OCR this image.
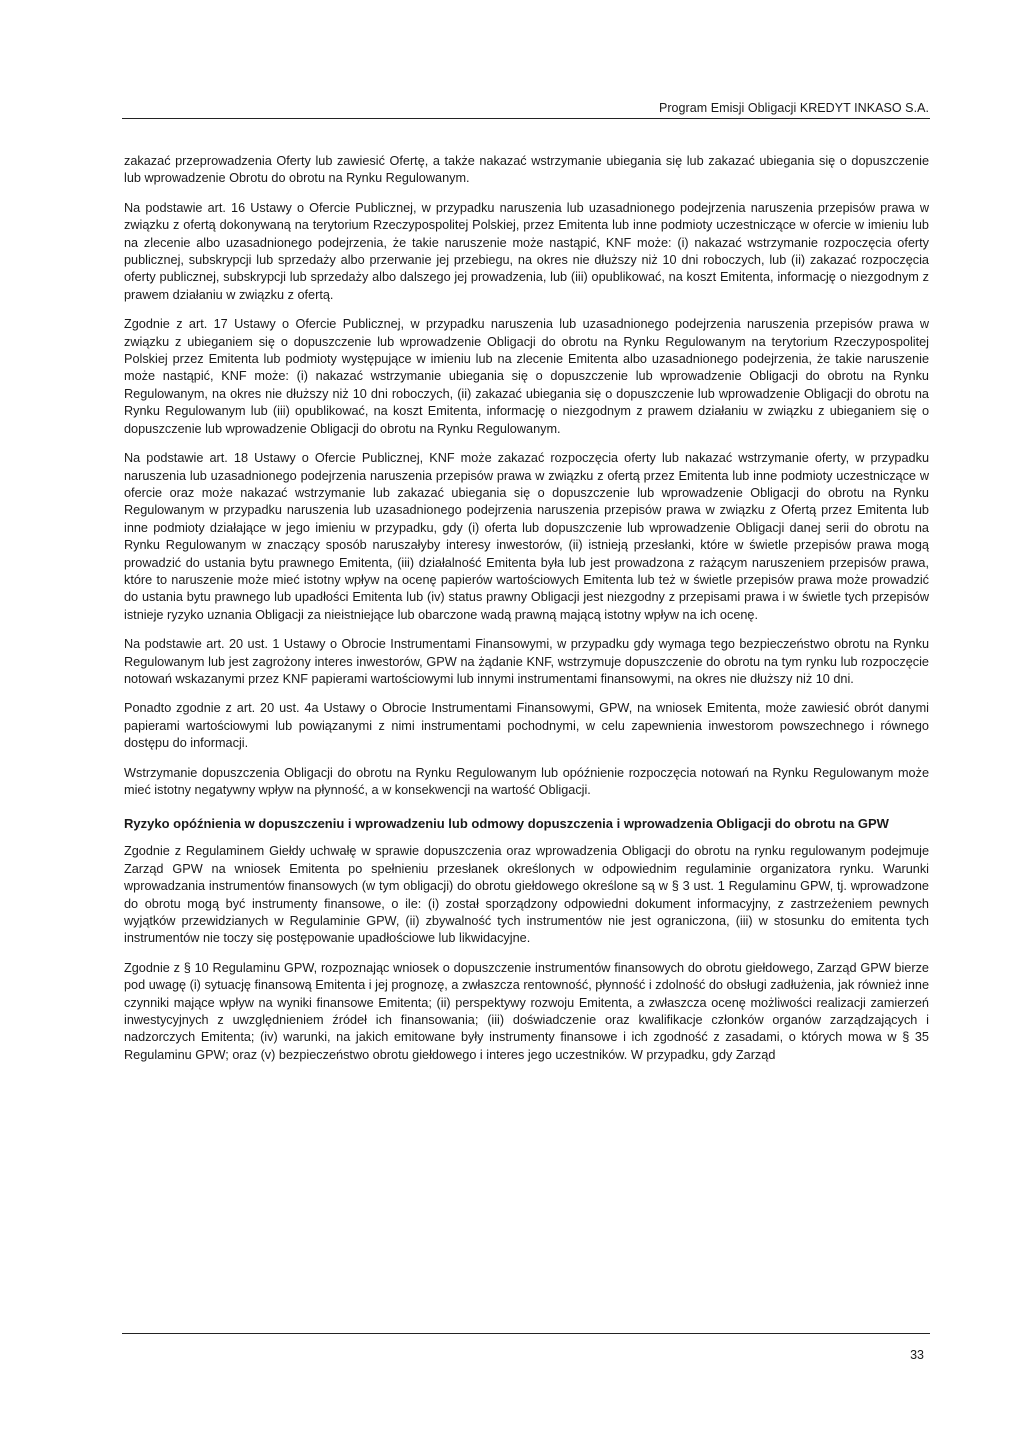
Program Emisji Obligacji KREDYT INKASO S.A.

zakazać przeprowadzenia Oferty lub zawiesić Ofertę, a także nakazać wstrzymanie ubiegania się lub zakazać ubiegania się o dopuszczenie lub wprowadzenie Obrotu do obrotu na Rynku Regulowanym.

Na podstawie art. 16 Ustawy o Ofercie Publicznej, w przypadku naruszenia lub uzasadnionego podejrzenia naruszenia przepisów prawa w związku z ofertą dokonywaną na terytorium Rzeczypospolitej Polskiej, przez Emitenta lub inne podmioty uczestniczące w ofercie w imieniu lub na zlecenie albo uzasadnionego podejrzenia, że takie naruszenie może nastąpić, KNF może: (i) nakazać wstrzymanie rozpoczęcia oferty publicznej, subskrypcji lub sprzedaży albo przerwanie jej przebiegu, na okres nie dłuższy niż 10 dni roboczych, lub (ii) zakazać rozpoczęcia oferty publicznej, subskrypcji lub sprzedaży albo dalszego jej prowadzenia, lub (iii) opublikować, na koszt Emitenta, informację o niezgodnym z prawem działaniu w związku z ofertą.

Zgodnie z art. 17 Ustawy o Ofercie Publicznej, w przypadku naruszenia lub uzasadnionego podejrzenia naruszenia przepisów prawa w związku z ubieganiem się o dopuszczenie lub wprowadzenie Obligacji do obrotu na Rynku Regulowanym na terytorium Rzeczypospolitej Polskiej przez Emitenta lub podmioty występujące w imieniu lub na zlecenie Emitenta albo uzasadnionego podejrzenia, że takie naruszenie może nastąpić, KNF może: (i) nakazać wstrzymanie ubiegania się o dopuszczenie lub wprowadzenie Obligacji do obrotu na Rynku Regulowanym, na okres nie dłuższy niż 10 dni roboczych, (ii) zakazać ubiegania się o dopuszczenie lub wprowadzenie Obligacji do obrotu na Rynku Regulowanym lub (iii) opublikować, na koszt Emitenta, informację o niezgodnym z prawem działaniu w związku z ubieganiem się o dopuszczenie lub wprowadzenie Obligacji do obrotu na Rynku Regulowanym.

Na podstawie art. 18 Ustawy o Ofercie Publicznej, KNF może zakazać rozpoczęcia oferty lub nakazać wstrzymanie oferty, w przypadku naruszenia lub uzasadnionego podejrzenia naruszenia przepisów prawa w związku z ofertą przez Emitenta lub inne podmioty uczestniczące w ofercie oraz może nakazać wstrzymanie lub zakazać ubiegania się o dopuszczenie lub wprowadzenie Obligacji do obrotu na Rynku Regulowanym w przypadku naruszenia lub uzasadnionego podejrzenia naruszenia przepisów prawa w związku z Ofertą przez Emitenta lub inne podmioty działające w jego imieniu w przypadku, gdy (i) oferta lub dopuszczenie lub wprowadzenie Obligacji danej serii do obrotu na Rynku Regulowanym w znaczący sposób naruszałyby interesy inwestorów, (ii) istnieją przesłanki, które w świetle przepisów prawa mogą prowadzić do ustania bytu prawnego Emitenta, (iii) działalność Emitenta była lub jest prowadzona z rażącym naruszeniem przepisów prawa, które to naruszenie może mieć istotny wpływ na ocenę papierów wartościowych Emitenta lub też w świetle przepisów prawa może prowadzić do ustania bytu prawnego lub upadłości Emitenta lub (iv) status prawny Obligacji jest niezgodny z przepisami prawa i w świetle tych przepisów istnieje ryzyko uznania Obligacji za nieistniejące lub obarczone wadą prawną mającą istotny wpływ na ich ocenę.

Na podstawie art. 20 ust. 1 Ustawy o Obrocie Instrumentami Finansowymi, w przypadku gdy wymaga tego bezpieczeństwo obrotu na Rynku Regulowanym lub jest zagrożony interes inwestorów, GPW na żądanie KNF, wstrzymuje dopuszczenie do obrotu na tym rynku lub rozpoczęcie notowań wskazanymi przez KNF papierami wartościowymi lub innymi instrumentami finansowymi, na okres nie dłuższy niż 10 dni.

Ponadto zgodnie z art. 20 ust. 4a Ustawy o Obrocie Instrumentami Finansowymi, GPW, na wniosek Emitenta, może zawiesić obrót danymi papierami wartościowymi lub powiązanymi z nimi instrumentami pochodnymi, w celu zapewnienia inwestorom powszechnego i równego dostępu do informacji.

Wstrzymanie dopuszczenia Obligacji do obrotu na Rynku Regulowanym lub opóźnienie rozpoczęcia notowań na Rynku Regulowanym może mieć istotny negatywny wpływ na płynność, a w konsekwencji na wartość Obligacji.

Ryzyko opóźnienia w dopuszczeniu i wprowadzeniu lub odmowy dopuszczenia i wprowadzenia Obligacji do obrotu na GPW

Zgodnie z Regulaminem Giełdy uchwałę w sprawie dopuszczenia oraz wprowadzenia Obligacji do obrotu na rynku regulowanym podejmuje Zarząd GPW na wniosek Emitenta po spełnieniu przesłanek określonych w odpowiednim regulaminie organizatora rynku. Warunki wprowadzania instrumentów finansowych (w tym obligacji) do obrotu giełdowego określone są w § 3 ust. 1 Regulaminu GPW, tj. wprowadzone do obrotu mogą być instrumenty finansowe, o ile: (i) został sporządzony odpowiedni dokument informacyjny, z zastrzeżeniem pewnych wyjątków przewidzianych w Regulaminie GPW, (ii) zbywalność tych instrumentów nie jest ograniczona, (iii) w stosunku do emitenta tych instrumentów nie toczy się postępowanie upadłościowe lub likwidacyjne.

Zgodnie z § 10 Regulaminu GPW, rozpoznając wniosek o dopuszczenie instrumentów finansowych do obrotu giełdowego, Zarząd GPW bierze pod uwagę (i) sytuację finansową Emitenta i jej prognozę, a zwłaszcza rentowność, płynność i zdolność do obsługi zadłużenia, jak również inne czynniki mające wpływ na wyniki finansowe Emitenta; (ii) perspektywy rozwoju Emitenta, a zwłaszcza ocenę możliwości realizacji zamierzeń inwestycyjnych z uwzględnieniem źródeł ich finansowania; (iii) doświadczenie oraz kwalifikacje członków organów zarządzających i nadzorczych Emitenta; (iv) warunki, na jakich emitowane były instrumenty finansowe i ich zgodność z zasadami, o których mowa w § 35 Regulaminu GPW; oraz (v) bezpieczeństwo obrotu giełdowego i interes jego uczestników. W przypadku, gdy Zarząd

33
